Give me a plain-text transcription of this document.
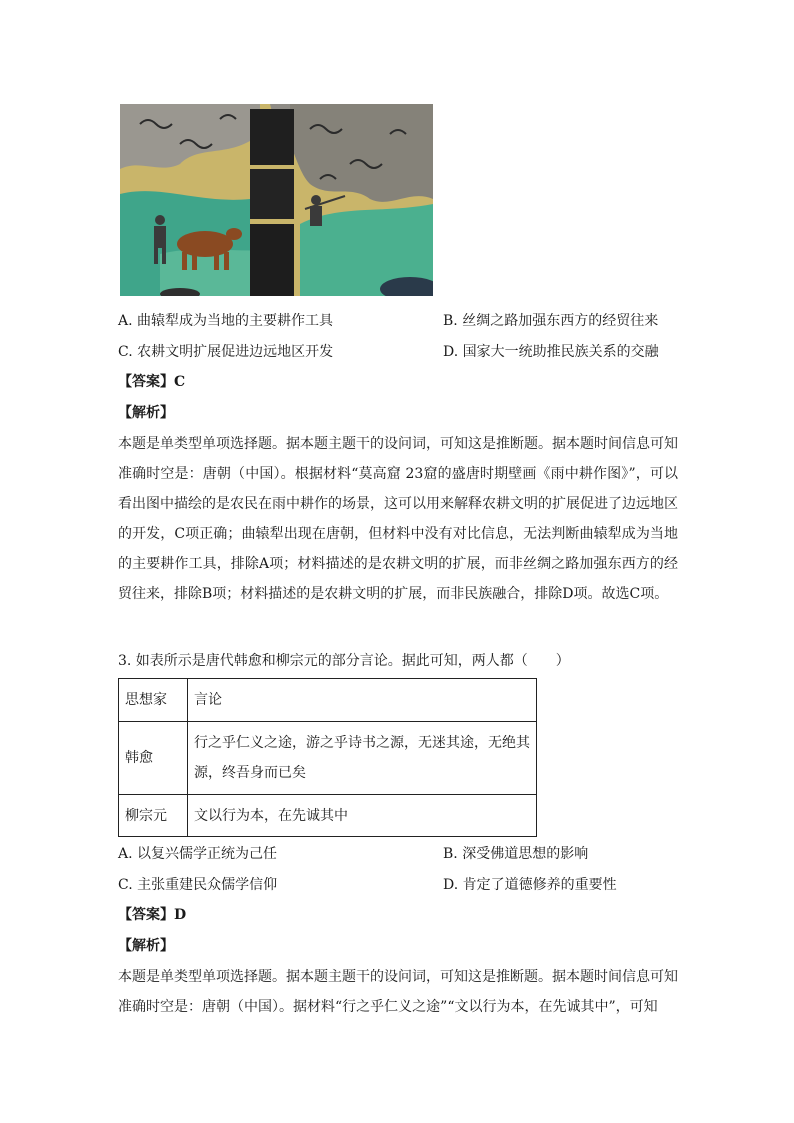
A. 曲辕犁成为当地的主要耕作工具	B. 丝绸之路加强东西方的经贸往来
C. 农耕文明扩展促进边远地区开发	D. 国家大一统助推民族关系的交融
【答案】C
【解析】
本题是单类型单项选择题。据本题主题干的设问词，可知这是推断题。据本题时间信息可知准确时空是：唐朝（中国）。根据材料“莫高窟 23窟的盛唐时期壁画《雨中耕作图》”，可以看出图中描绘的是农民在雨中耕作的场景，这可以用来解释农耕文明的扩展促进了边远地区的开发，C项正确；曲辕犁出现在唐朝，但材料中没有对比信息，无法判断曲辕犁成为当地的主要耕作工具，排除A项；材料描述的是农耕文明的扩展，而非丝绸之路加强东西方的经贸往来，排除B项；材料描述的是农耕文明的扩展，而非民族融合，排除D项。故选C项。
3. 如表所示是唐代韩愈和柳宗元的部分言论。据此可知，两人都（　　）
思想家	言论
韩愈	行之乎仁义之途，游之乎诗书之源，无迷其途，无绝其源，终吾身而已矣
柳宗元	文以行为本，在先诚其中
A. 以复兴儒学正统为己任	B. 深受佛道思想的影响
C. 主张重建民众儒学信仰	D. 肯定了道德修养的重要性
【答案】D
【解析】
本题是单类型单项选择题。据本题主题干的设问词，可知这是推断题。据本题时间信息可知准确时空是：唐朝（中国）。据材料“行之乎仁义之途”“文以行为本，在先诚其中”，可知
